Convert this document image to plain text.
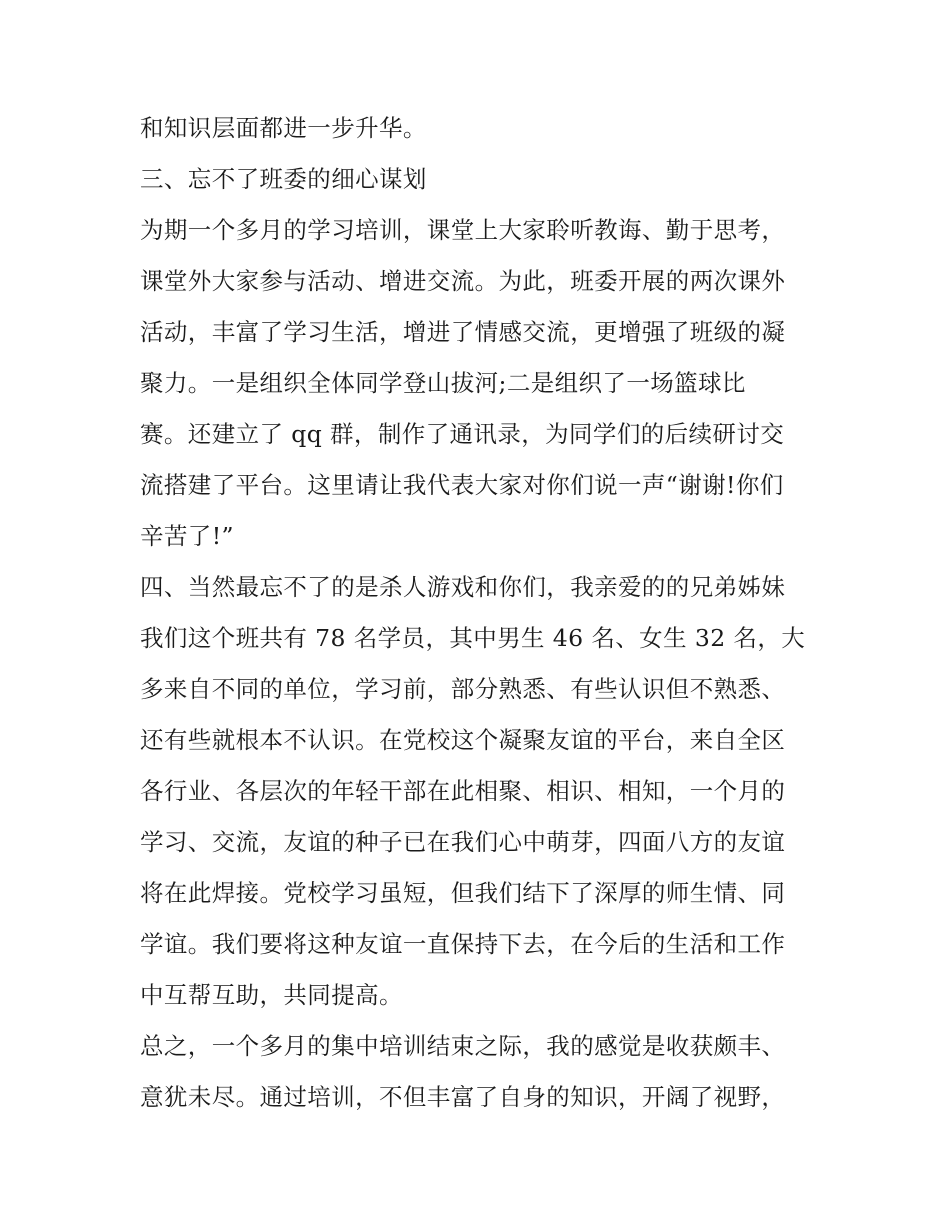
和知识层面都进一步升华。
三、忘不了班委的细心谋划
为期一个多月的学习培训，课堂上大家聆听教诲、勤于思考，
课堂外大家参与活动、增进交流。为此，班委开展的两次课外
活动，丰富了学习生活，增进了情感交流，更增强了班级的凝
聚力。一是组织全体同学登山拔河;二是组织了一场篮球比
赛。还建立了 qq 群，制作了通讯录，为同学们的后续研讨交
流搭建了平台。这里请让我代表大家对你们说一声“谢谢!你们
辛苦了!”
四、当然最忘不了的是杀人游戏和你们，我亲爱的的兄弟姊妹
我们这个班共有 78 名学员，其中男生 46 名、女生 32 名，大
多来自不同的单位，学习前，部分熟悉、有些认识但不熟悉、
还有些就根本不认识。在党校这个凝聚友谊的平台，来自全区
各行业、各层次的年轻干部在此相聚、相识、相知，一个月的
学习、交流，友谊的种子已在我们心中萌芽，四面八方的友谊
将在此焊接。党校学习虽短，但我们结下了深厚的师生情、同
学谊。我们要将这种友谊一直保持下去，在今后的生活和工作
中互帮互助，共同提高。
总之，一个多月的集中培训结束之际，我的感觉是收获颇丰、
意犹未尽。通过培训，不但丰富了自身的知识，开阔了视野，
